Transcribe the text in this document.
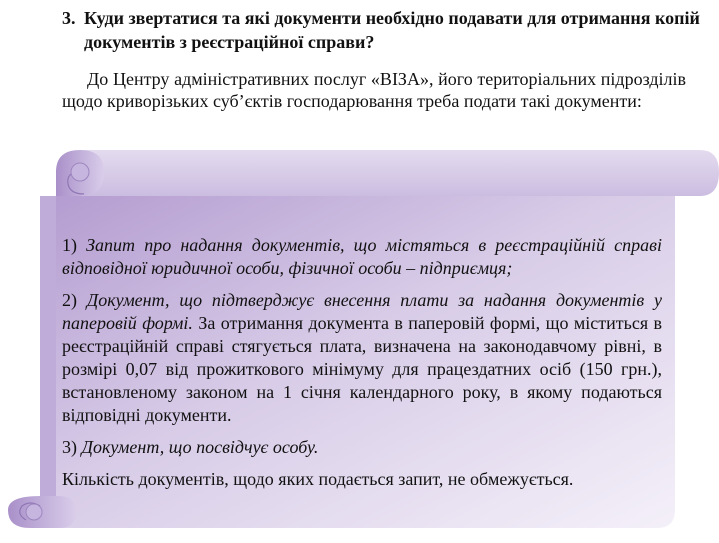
3. Куди звертатися та які документи необхідно подавати для отримання копій документів з реєстраційної справи?
До Центру адміністративних послуг «ВІЗА», його територіальних підрозділів щодо криворізьких суб’єктів господарювання треба подати такі документи:

1) Запит про надання документів, що містяться в реєстраційній справі відповідної юридичної особи, фізичної особи – підприємця;

2) Документ, що підтверджує внесення плати за надання документів у паперовій формі. За отримання документа в паперовій формі, що міститься в реєстраційній справі стягується плата, визначена на законодавчому рівні, в розмірі 0,07 від прожиткового мінімуму для працездатних осіб (150 грн.), встановленому законом на 1 січня календарного року, в якому подаються відповідні документи.

3) Документ, що посвідчує особу.

Кількість документів, щодо яких подається запит, не обмежується.
